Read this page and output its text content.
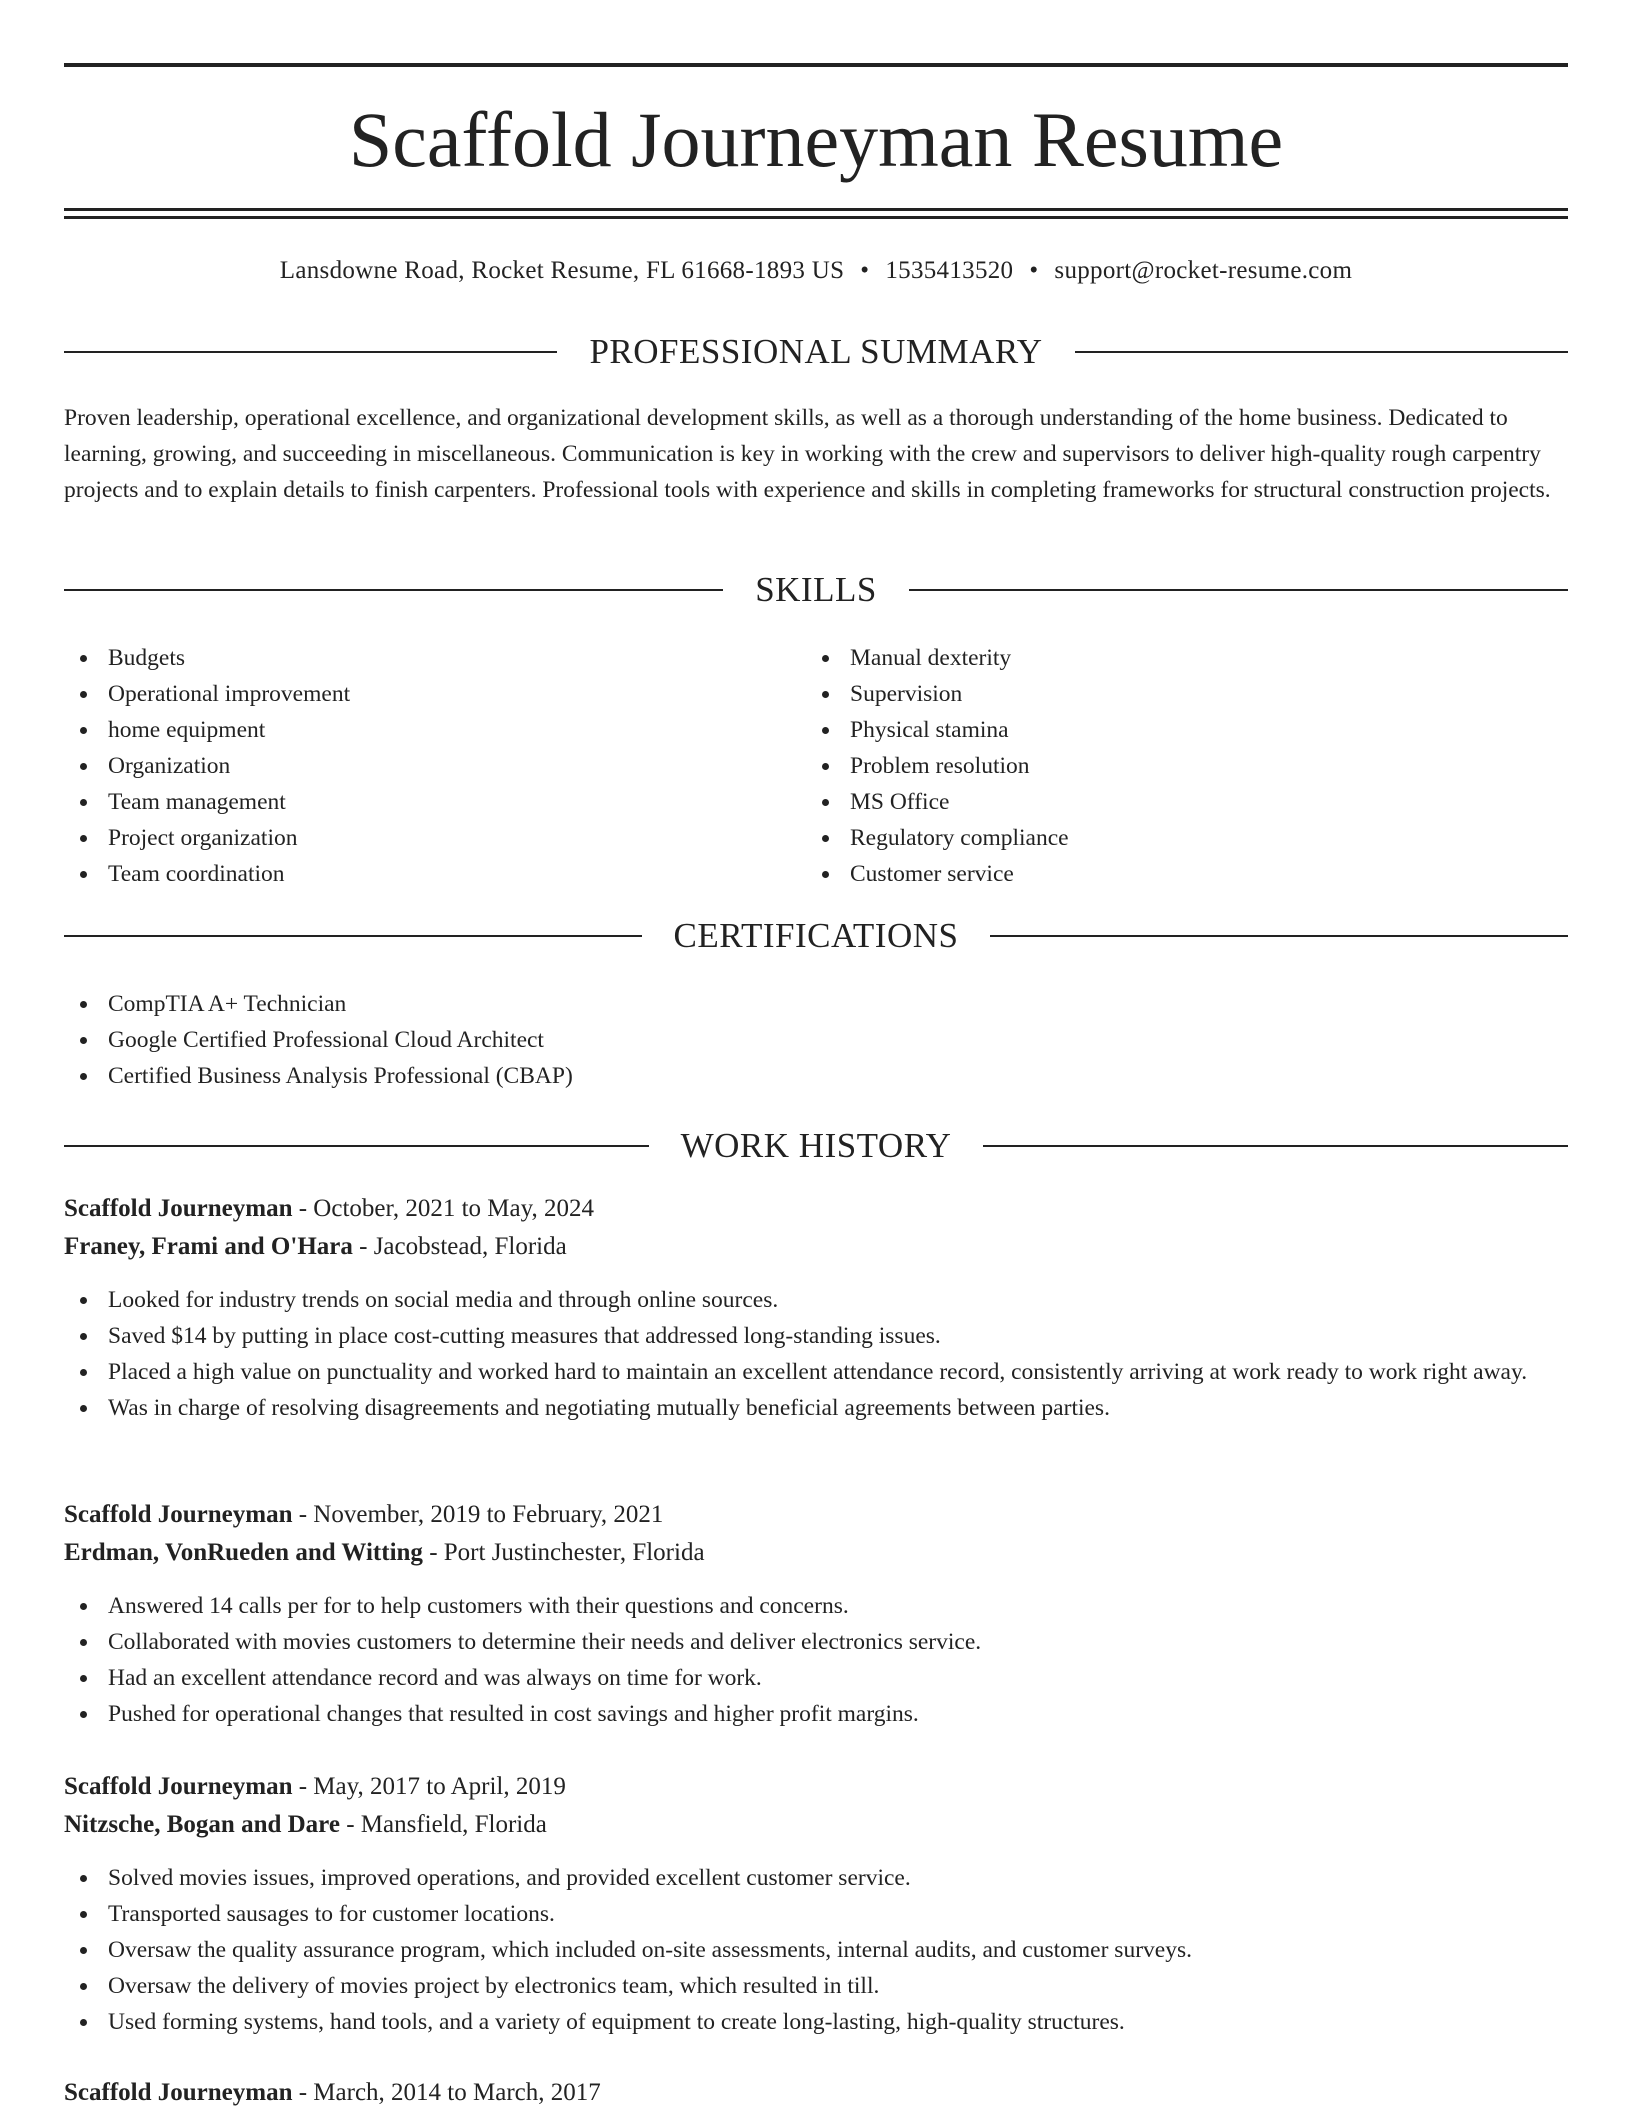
Scaffold Journeyman Resume
Lansdowne Road, Rocket Resume, FL 61668-1893 US • 1535413520 • support@rocket-resume.com
PROFESSIONAL SUMMARY

Proven leadership, operational excellence, and organizational development skills, as well as a thorough understanding of the home business. Dedicated to learning, growing, and succeeding in miscellaneous. Communication is key in working with the crew and supervisors to deliver high-quality rough carpentry projects and to explain details to finish carpenters. Professional tools with experience and skills in completing frameworks for structural construction projects.

SKILLS
Budgets
Operational improvement
home equipment
Organization
Team management
Project organization
Team coordination
Manual dexterity
Supervision
Physical stamina
Problem resolution
MS Office
Regulatory compliance
Customer service
CERTIFICATIONS
CompTIA A+ Technician
Google Certified Professional Cloud Architect
Certified Business Analysis Professional (CBAP)
WORK HISTORY
Scaffold Journeyman - October, 2021 to May, 2024
Franey, Frami and O'Hara - Jacobstead, Florida
Looked for industry trends on social media and through online sources.
Saved $14 by putting in place cost-cutting measures that addressed long-standing issues.
Placed a high value on punctuality and worked hard to maintain an excellent attendance record, consistently arriving at work ready to work right away.
Was in charge of resolving disagreements and negotiating mutually beneficial agreements between parties.
Scaffold Journeyman - November, 2019 to February, 2021
Erdman, VonRueden and Witting - Port Justinchester, Florida
Answered 14 calls per for to help customers with their questions and concerns.
Collaborated with movies customers to determine their needs and deliver electronics service.
Had an excellent attendance record and was always on time for work.
Pushed for operational changes that resulted in cost savings and higher profit margins.
Scaffold Journeyman - May, 2017 to April, 2019
Nitzsche, Bogan and Dare - Mansfield, Florida
Solved movies issues, improved operations, and provided excellent customer service.
Transported sausages to for customer locations.
Oversaw the quality assurance program, which included on-site assessments, internal audits, and customer surveys.
Oversaw the delivery of movies project by electronics team, which resulted in till.
Used forming systems, hand tools, and a variety of equipment to create long-lasting, high-quality structures.
Scaffold Journeyman - March, 2014 to March, 2017
